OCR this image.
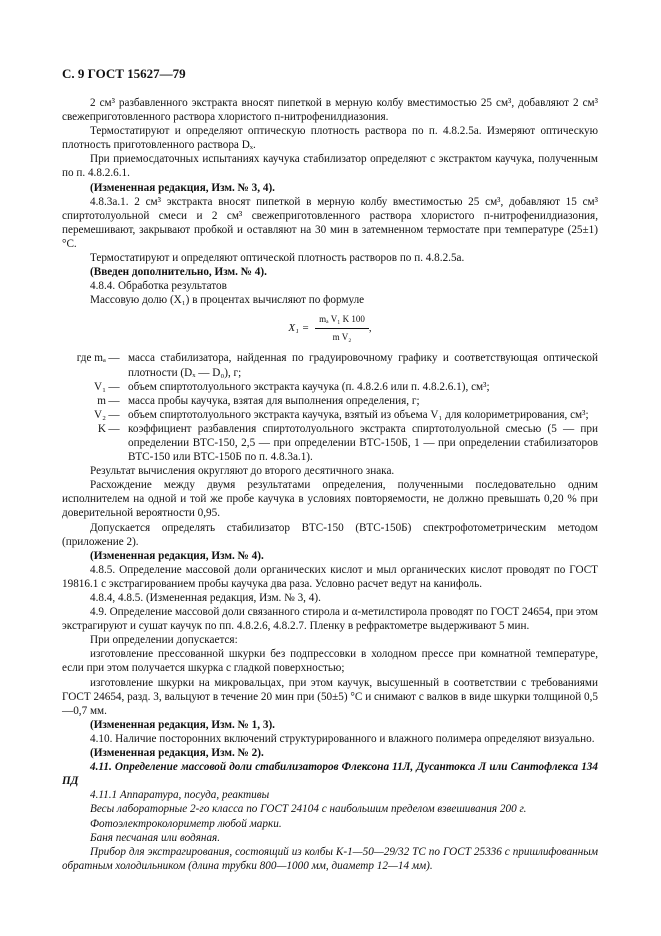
С. 9 ГОСТ 15627—79

2 см³ разбавленного экстракта вносят пипеткой в мерную колбу вместимостью 25 см³, добавляют 2 см³ свежеприготовленного раствора хлористого п-нитрофенилдиазония.

Термостатируют и определяют оптическую плотность раствора по п. 4.8.2.5а. Измеряют оптическую плотность приготовленного раствора Dₓ.

При приемосдаточных испытаниях каучука стабилизатор определяют с экстрактом каучука, полученным по п. 4.8.2.6.1.

(Измененная редакция, Изм. № 3, 4).

4.8.3а.1. 2 см³ экстракта вносят пипеткой в мерную колбу вместимостью 25 см³, добавляют 15 см³ спиртотолуольной смеси и 2 см³ свежеприготовленного раствора хлористого п-нитрофенилдиазония, перемешивают, закрывают пробкой и оставляют на 30 мин в затемненном термостате при температуре (25±1) °С.

Термостатируют и определяют оптической плотность растворов по п. 4.8.2.5а.

(Введен дополнительно, Изм. № 4).

4.8.4. Обработка результатов

Массовую долю (X₁) в процентах вычисляют по формуле

$X_1 = \frac{\text{mₐ V₁ K 100}}{\text{m V₂}}$ ,
где mₐ — масса стабилизатора, найденная по градуировочному графику и соответствующая оптической плотности (Dₓ — D₀), г;
V₁ — объем спиртотолуольного экстракта каучука (п. 4.8.2.6 или п. 4.8.2.6.1), см³;
m — масса пробы каучука, взятая для выполнения определения, г;
V₂ — объем спиртотолуольного экстракта каучука, взятый из объема V₁ для колориметрирования, см³;
K — коэффициент разбавления спиртотолуольного экстракта спиртотолуольной смесью (5 — при определении ВТС-150, 2,5 — при определении ВТС-150Б, 1 — при определении стабилизаторов ВТС-150 или ВТС-150Б по п. 4.8.3а.1).

Результат вычисления округляют до второго десятичного знака.

Расхождение между двумя результатами определения, полученными последовательно одним исполнителем на одной и той же пробе каучука в условиях повторяемости, не должно превышать 0,20 % при доверительной вероятности 0,95.

Допускается определять стабилизатор ВТС-150 (ВТС-150Б) спектрофотометрическим методом (приложение 2).

(Измененная редакция, Изм. № 4).

4.8.5. Определение массовой доли органических кислот и мыл органических кислот проводят по ГОСТ 19816.1 с экстрагированием пробы каучука два раза. Условно расчет ведут на канифоль.

4.8.4, 4.8.5. (Измененная редакция, Изм. № 3, 4).

4.9. Определение массовой доли связанного стирола и α-метилстирола проводят по ГОСТ 24654, при этом экстрагируют и сушат каучук по пп. 4.8.2.6, 4.8.2.7. Пленку в рефрактометре выдерживают 5 мин.

При определении допускается:

изготовление прессованной шкурки без подпрессовки в холодном прессе при комнатной температуре, если при этом получается шкурка с гладкой поверхностью;

изготовление шкурки на микровальцах, при этом каучук, высушенный в соответствии с требованиями ГОСТ 24654, разд. 3, вальцуют в течение 20 мин при (50±5) °С и снимают с валков в виде шкурки толщиной 0,5—0,7 мм.

(Измененная редакция, Изм. № 1, 3).

4.10. Наличие посторонних включений структурированного и влажного полимера определяют визуально.

(Измененная редакция, Изм. № 2).

4.11. Определение массовой доли стабилизаторов Флексона 11Л, Дусантокса Л или Сантофлекса 134 ПД

4.11.1 Аппаратура, посуда, реактивы

Весы лабораторные 2-го класса по ГОСТ 24104 с наибольшим пределом взвешивания 200 г.

Фотоэлектроколориметр любой марки.

Баня песчаная или водяная.

Прибор для экстрагирования, состоящий из колбы К-1—50—29/32 ТС по ГОСТ 25336 с пришлифованным обратным холодильником (длина трубки 800—1000 мм, диаметр 12—14 мм).
